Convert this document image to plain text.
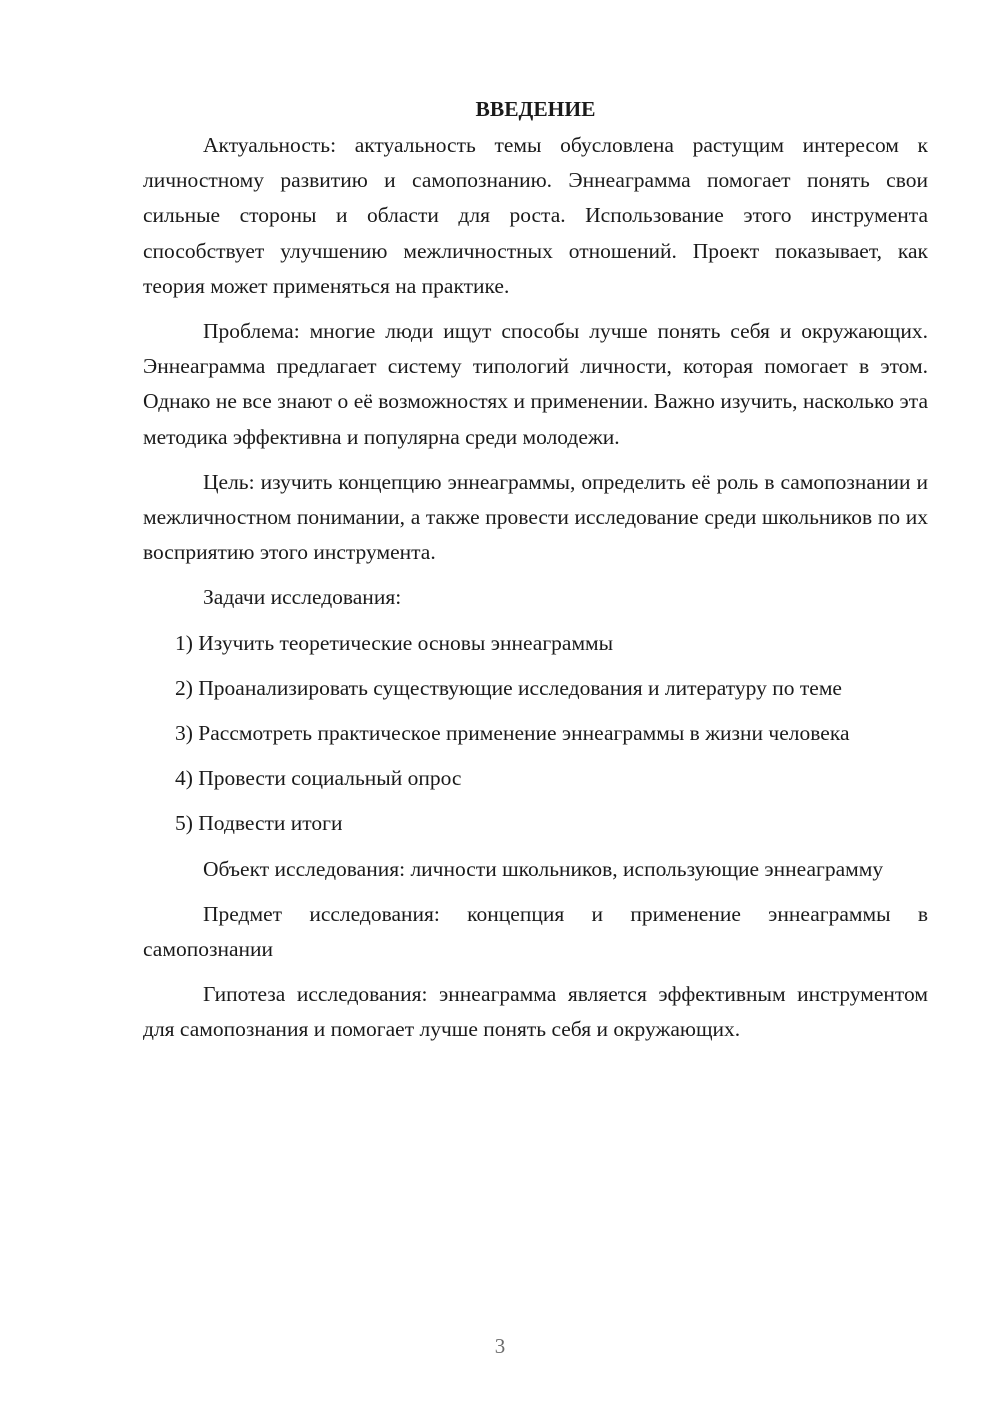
ВВЕДЕНИЕ

Актуальность: актуальность темы обусловлена растущим интересом к личностному развитию и самопознанию. Эннеаграмма помогает понять свои сильные стороны и области для роста. Использование этого инструмента способствует улучшению межличностных отношений. Проект показывает, как теория может применяться на практике.

Проблема: многие люди ищут способы лучше понять себя и окружающих. Эннеаграмма предлагает систему типологий личности, которая помогает в этом. Однако не все знают о её возможностях и применении. Важно изучить, насколько эта методика эффективна и популярна среди молодежи.

Цель: изучить концепцию эннеаграммы, определить её роль в самопознании и межличностном понимании, а также провести исследование среди школьников по их восприятию этого инструмента.

Задачи исследования:

1) Изучить теоретические основы эннеаграммы

2) Проанализировать существующие исследования и литературу по теме

3) Рассмотреть практическое применение эннеаграммы в жизни человека

4) Провести социальный опрос

5) Подвести итоги

Объект исследования: личности школьников, использующие эннеаграмму

Предмет исследования: концепция и применение эннеаграммы в самопознании

Гипотеза исследования: эннеаграмма является эффективным инструментом для самопознания и помогает лучше понять себя и окружающих.

3
